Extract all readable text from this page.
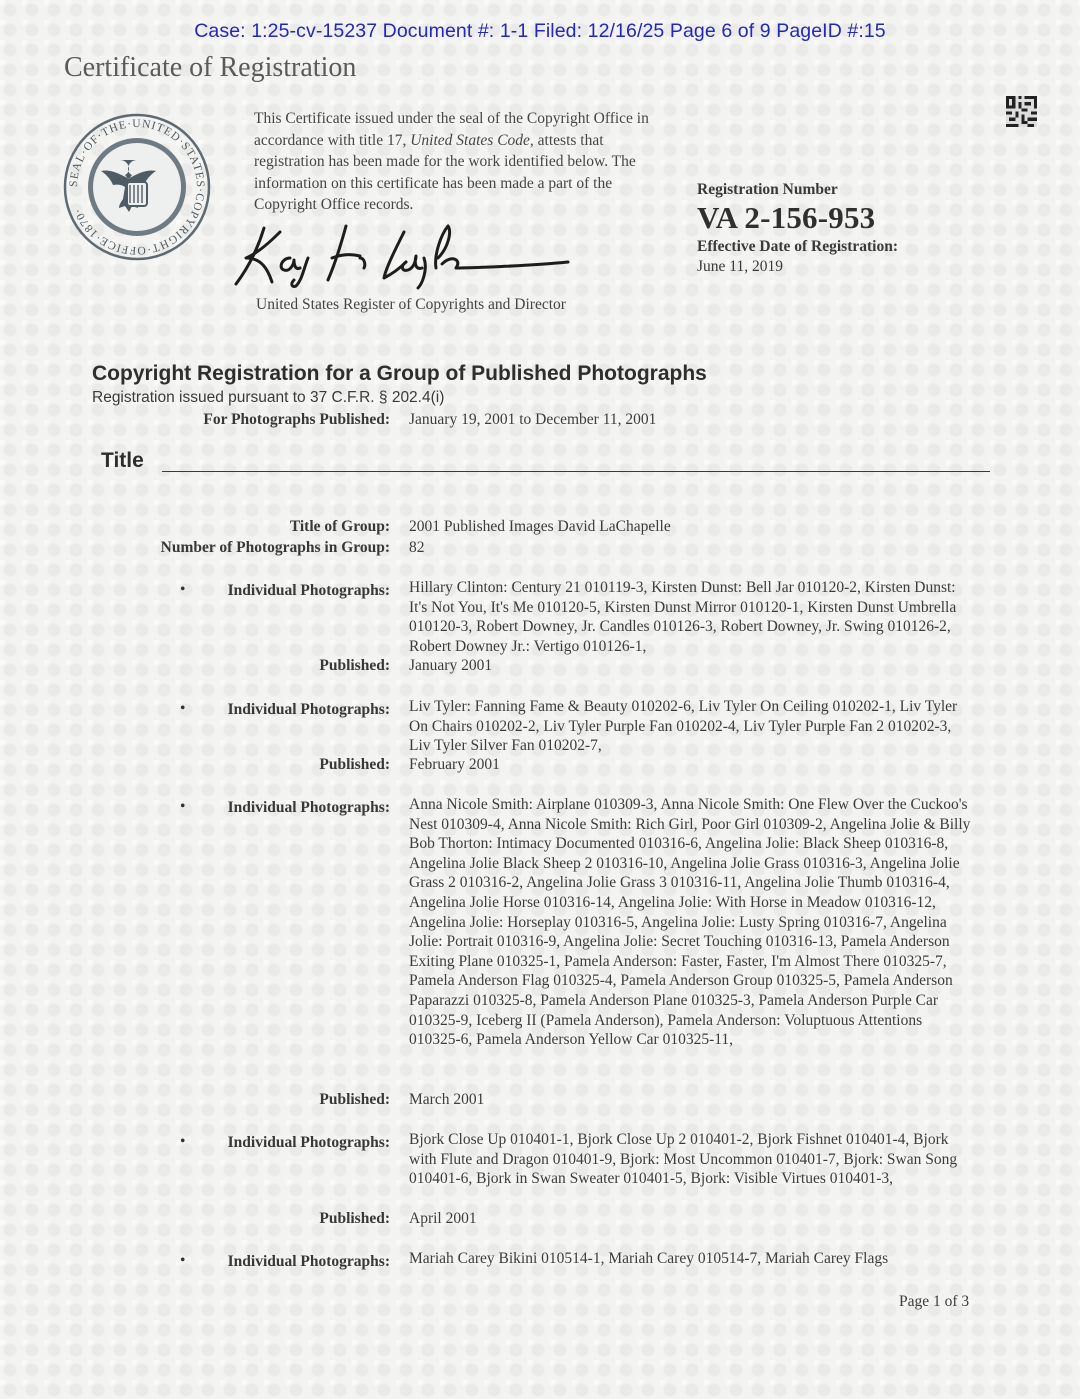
Case: 1:25-cv-15237 Document #: 1-1 Filed: 12/16/25 Page 6 of 9 PageID #:15
Certificate of Registration
SEAL·OF·THE·UNITED·STATES·COPYRIGHT·OFFICE·1870·
This Certificate issued under the seal of the Copyright Office in accordance with title 17, United States Code, attests that registration has been made for the work identified below. The information on this certificate has been made a part of the Copyright Office records.
United States Register of Copyrights and Director
Registration Number
VA 2-156-953
Effective Date of Registration:
June 11, 2019
Copyright Registration for a Group of Published Photographs
Registration issued pursuant to 37 C.F.R. § 202.4(i)
For Photographs Published: January 19, 2001 to December 11, 2001
Title
Title of Group: 2001 Published Images David LaChapelle
Number of Photographs in Group: 82
•	Individual Photographs: Hillary Clinton: Century 21 010119-3, Kirsten Dunst: Bell Jar 010120-2, Kirsten Dunst: It's Not You, It's Me 010120-5, Kirsten Dunst Mirror 010120-1, Kirsten Dunst Umbrella 010120-3, Robert Downey, Jr. Candles 010126-3, Robert Downey, Jr. Swing 010126-2, Robert Downey Jr.: Vertigo 010126-1,
Published: January 2001
•	Individual Photographs: Liv Tyler: Fanning Fame & Beauty 010202-6, Liv Tyler On Ceiling 010202-1, Liv Tyler On Chairs 010202-2, Liv Tyler Purple Fan 010202-4, Liv Tyler Purple Fan 2 010202-3, Liv Tyler Silver Fan 010202-7,
Published: February 2001
•	Individual Photographs: Anna Nicole Smith: Airplane 010309-3, Anna Nicole Smith: One Flew Over the Cuckoo's Nest 010309-4, Anna Nicole Smith: Rich Girl, Poor Girl 010309-2, Angelina Jolie & Billy Bob Thorton: Intimacy Documented 010316-6, Angelina Jolie: Black Sheep 010316-8, Angelina Jolie Black Sheep 2 010316-10, Angelina Jolie Grass 010316-3, Angelina Jolie Grass 2 010316-2, Angelina Jolie Grass 3 010316-11, Angelina Jolie Thumb 010316-4, Angelina Jolie Horse 010316-14, Angelina Jolie: With Horse in Meadow 010316-12, Angelina Jolie: Horseplay 010316-5, Angelina Jolie: Lusty Spring 010316-7, Angelina Jolie: Portrait 010316-9, Angelina Jolie: Secret Touching 010316-13, Pamela Anderson Exiting Plane 010325-1, Pamela Anderson: Faster, Faster, I'm Almost There 010325-7, Pamela Anderson Flag 010325-4, Pamela Anderson Group 010325-5, Pamela Anderson Paparazzi 010325-8, Pamela Anderson Plane 010325-3, Pamela Anderson Purple Car 010325-9, Iceberg II (Pamela Anderson), Pamela Anderson: Voluptuous Attentions 010325-6, Pamela Anderson Yellow Car 010325-11,
Published: March 2001
•	Individual Photographs: Bjork Close Up 010401-1, Bjork Close Up 2 010401-2, Bjork Fishnet 010401-4, Bjork with Flute and Dragon 010401-9, Bjork: Most Uncommon 010401-7, Bjork: Swan Song 010401-6, Bjork in Swan Sweater 010401-5, Bjork: Visible Virtues 010401-3,
Published: April 2001
•	Individual Photographs: Mariah Carey Bikini 010514-1, Mariah Carey 010514-7, Mariah Carey Flags
Page 1 of 3
